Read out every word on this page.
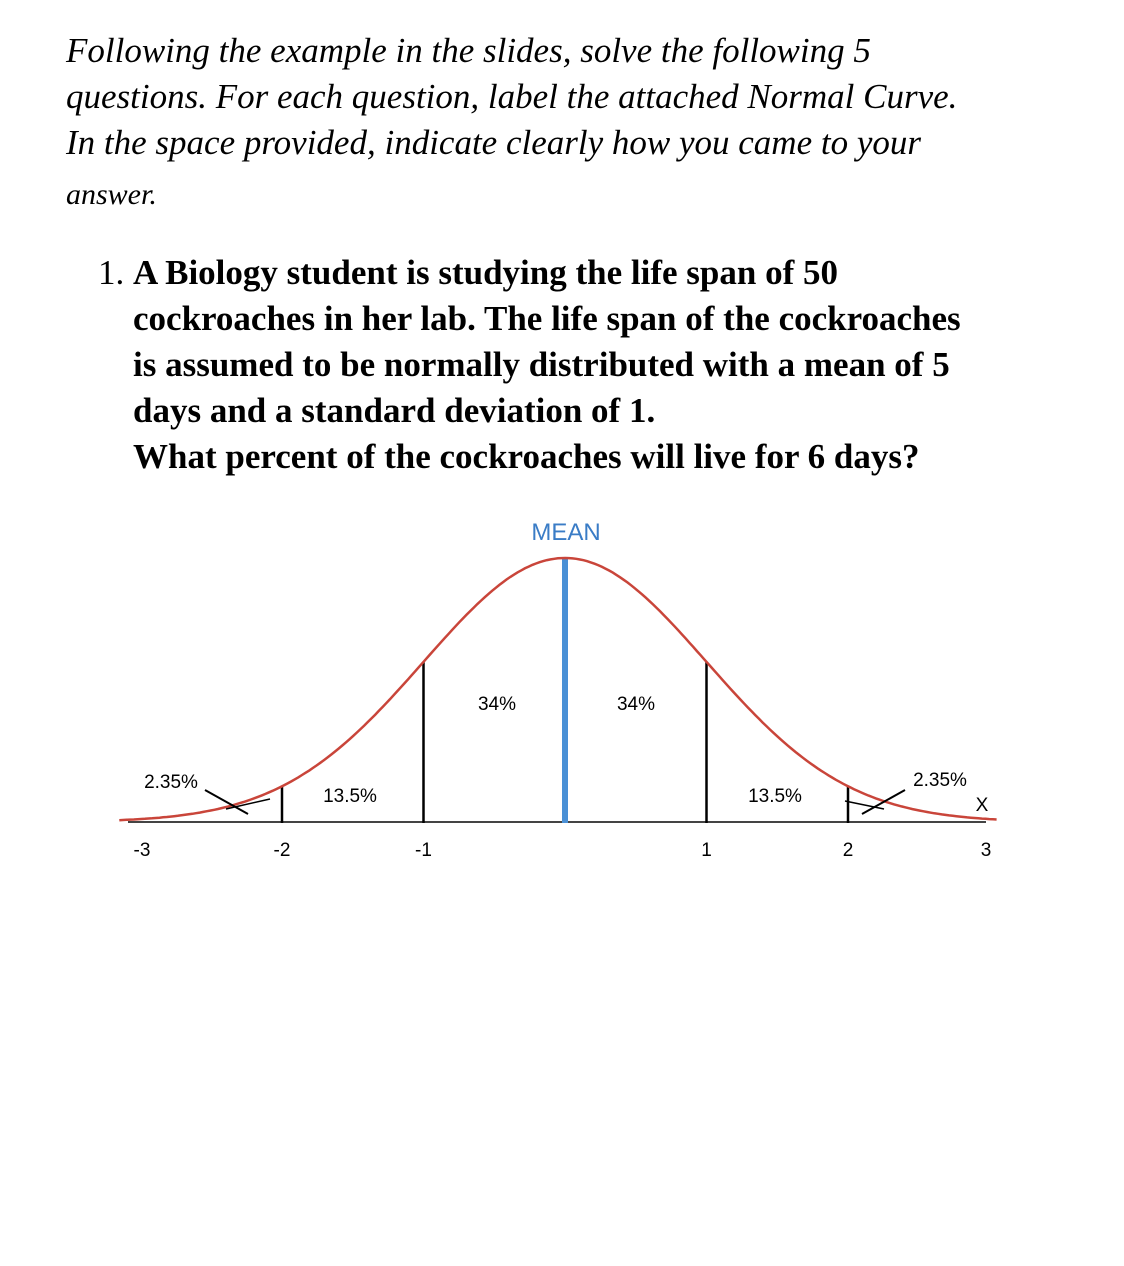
Following the example in the slides, solve the following 5
questions. For each question, label the attached Normal Curve.
In the space provided, indicate clearly how you came to your
answer.
1. A Biology student is studying the life span of 50

cockroaches in her lab. The life span of the cockroaches

is assumed to be normally distributed with a mean of 5

days and a standard deviation of 1.

What percent of the cockroaches will live for 6 days?

MEAN
2.35%
13.5%
34%	34%
13.5%
2.35%
-3	-2	-1	1	2	3
X
